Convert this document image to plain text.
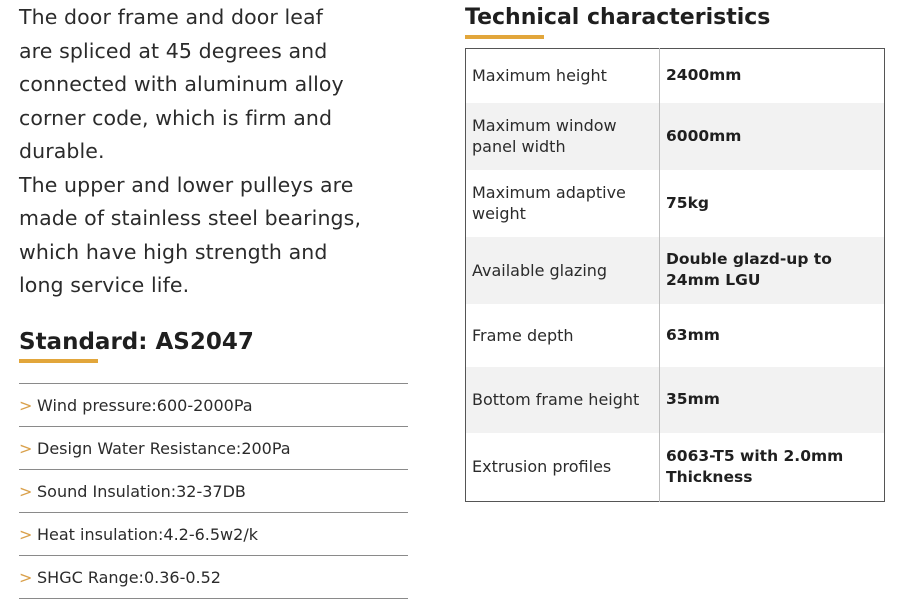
The door frame and door leaf

are spliced at 45 degrees and

connected with aluminum alloy

corner code, which is firm and

durable.

The upper and lower pulleys are

made of stainless steel bearings,

which have high strength and

long service life.

Standard: AS2047
> Wind pressure:600-2000Pa
> Design Water Resistance:200Pa
> Sound Insulation:32-37DB
> Heat insulation:4.2-6.5w2/k
> SHGC Range:0.36-0.52
Technical characteristics
Maximum height	2400mm
Maximum window panel width	6000mm
Maximum adaptive weight	75kg
Available glazing	Double glazd-up to 24mm LGU
Frame depth	63mm
Bottom frame height	35mm
Extrusion profiles	6063-T5 with 2.0mm Thickness
